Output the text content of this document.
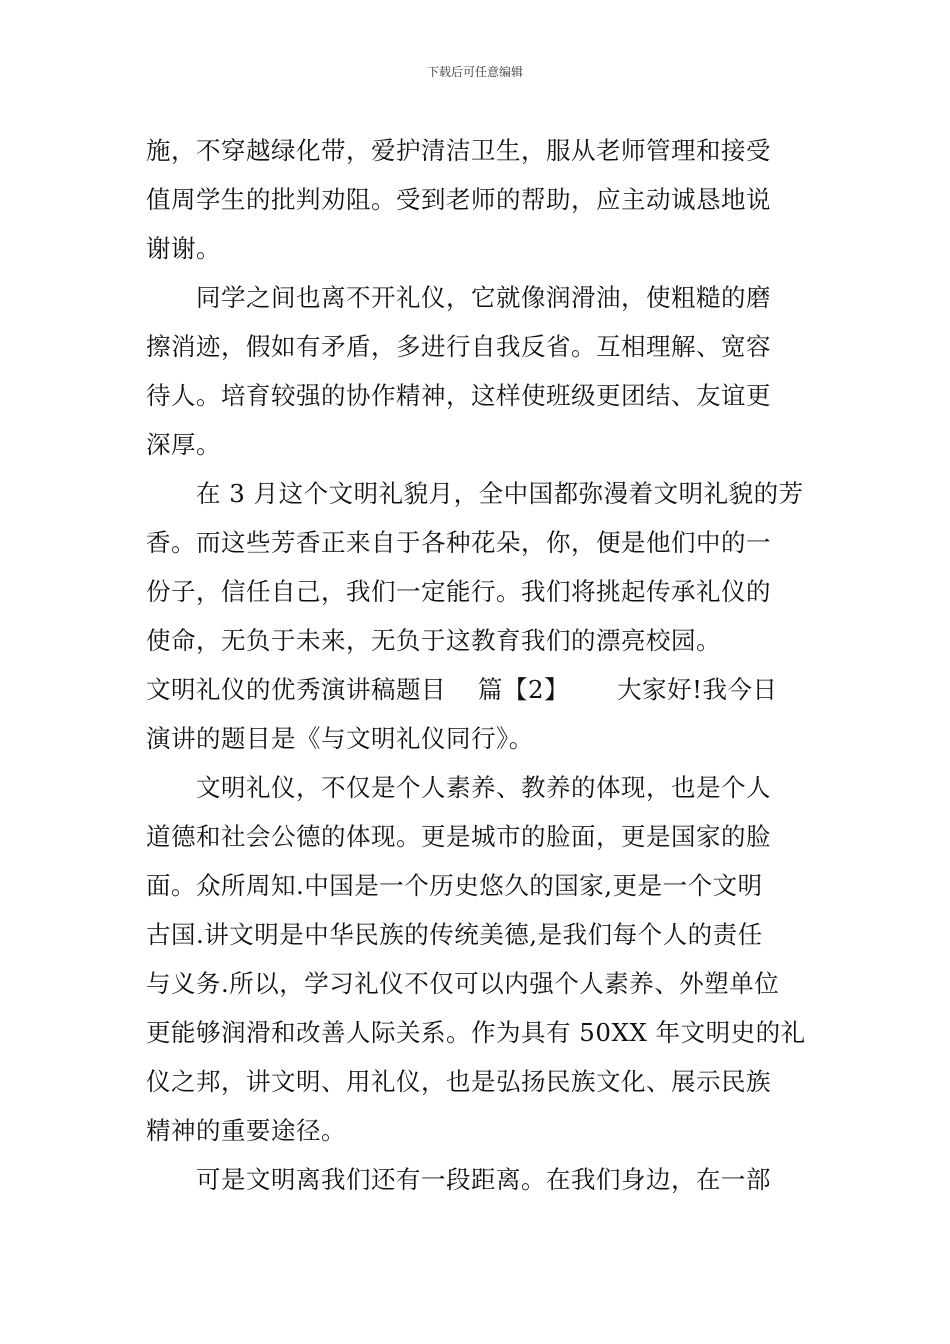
下载后可任意编辑
施，不穿越绿化带，爱护清洁卫生，服从老师管理和接受
值周学生的批判劝阻。受到老师的帮助，应主动诚恳地说
谢谢。
同学之间也离不开礼仪，它就像润滑油，使粗糙的磨
擦消迹，假如有矛盾，多进行自我反省。互相理解、宽容
待人。培育较强的协作精神，这样使班级更团结、友谊更
深厚。
在 3 月这个文明礼貌月，全中国都弥漫着文明礼貌的芳
香。而这些芳香正来自于各种花朵，你，便是他们中的一
份子，信任自己，我们一定能行。我们将挑起传承礼仪的
使命，无负于未来，无负于这教育我们的漂亮校园。
文明礼仪的优秀演讲稿题目 篇【2】 大家好!我今日
演讲的题目是《与文明礼仪同行》。
文明礼仪，不仅是个人素养、教养的体现，也是个人
道德和社会公德的体现。更是城市的脸面，更是国家的脸
面。众所周知.中国是一个历史悠久的国家,更是一个文明
古国.讲文明是中华民族的传统美德,是我们每个人的责任
与义务.所以，学习礼仪不仅可以内强个人素养、外塑单位
更能够润滑和改善人际关系。作为具有 50XX 年文明史的礼
仪之邦，讲文明、用礼仪，也是弘扬民族文化、展示民族
精神的重要途径。
可是文明离我们还有一段距离。在我们身边，在一部
